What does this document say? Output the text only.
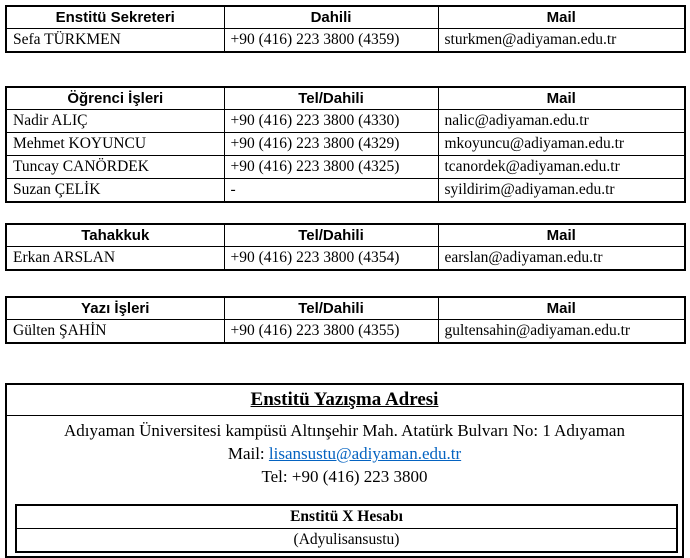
Enstitü Sekreteri	Dahili	Mail
Sefa TÜRKMEN	+90 (416) 223 3800 (4359)	sturkmen@adiyaman.edu.tr
Öğrenci İşleri	Tel/Dahili	Mail
Nadir ALIÇ	+90 (416) 223 3800 (4330)	nalic@adiyaman.edu.tr
Mehmet KOYUNCU	+90 (416) 223 3800 (4329)	mkoyuncu@adiyaman.edu.tr
Tuncay CANÖRDEK	+90 (416) 223 3800 (4325)	tcanordek@adiyaman.edu.tr
Suzan ÇELİK	-	syildirim@adiyaman.edu.tr
Tahakkuk	Tel/Dahili	Mail
Erkan ARSLAN	+90 (416) 223 3800 (4354)	earslan@adiyaman.edu.tr
Yazı İşleri	Tel/Dahili	Mail
Gülten ŞAHİN	+90 (416) 223 3800 (4355)	gultensahin@adiyaman.edu.tr
Enstitü Yazışma Adresi
Adıyaman Üniversitesi kampüsü Altınşehir Mah. Atatürk Bulvarı No: 1 Adıyaman
Mail: lisansustu@adiyaman.edu.tr
Tel: +90 (416) 223 3800
Enstitü X Hesabı
(Adyulisansustu)
